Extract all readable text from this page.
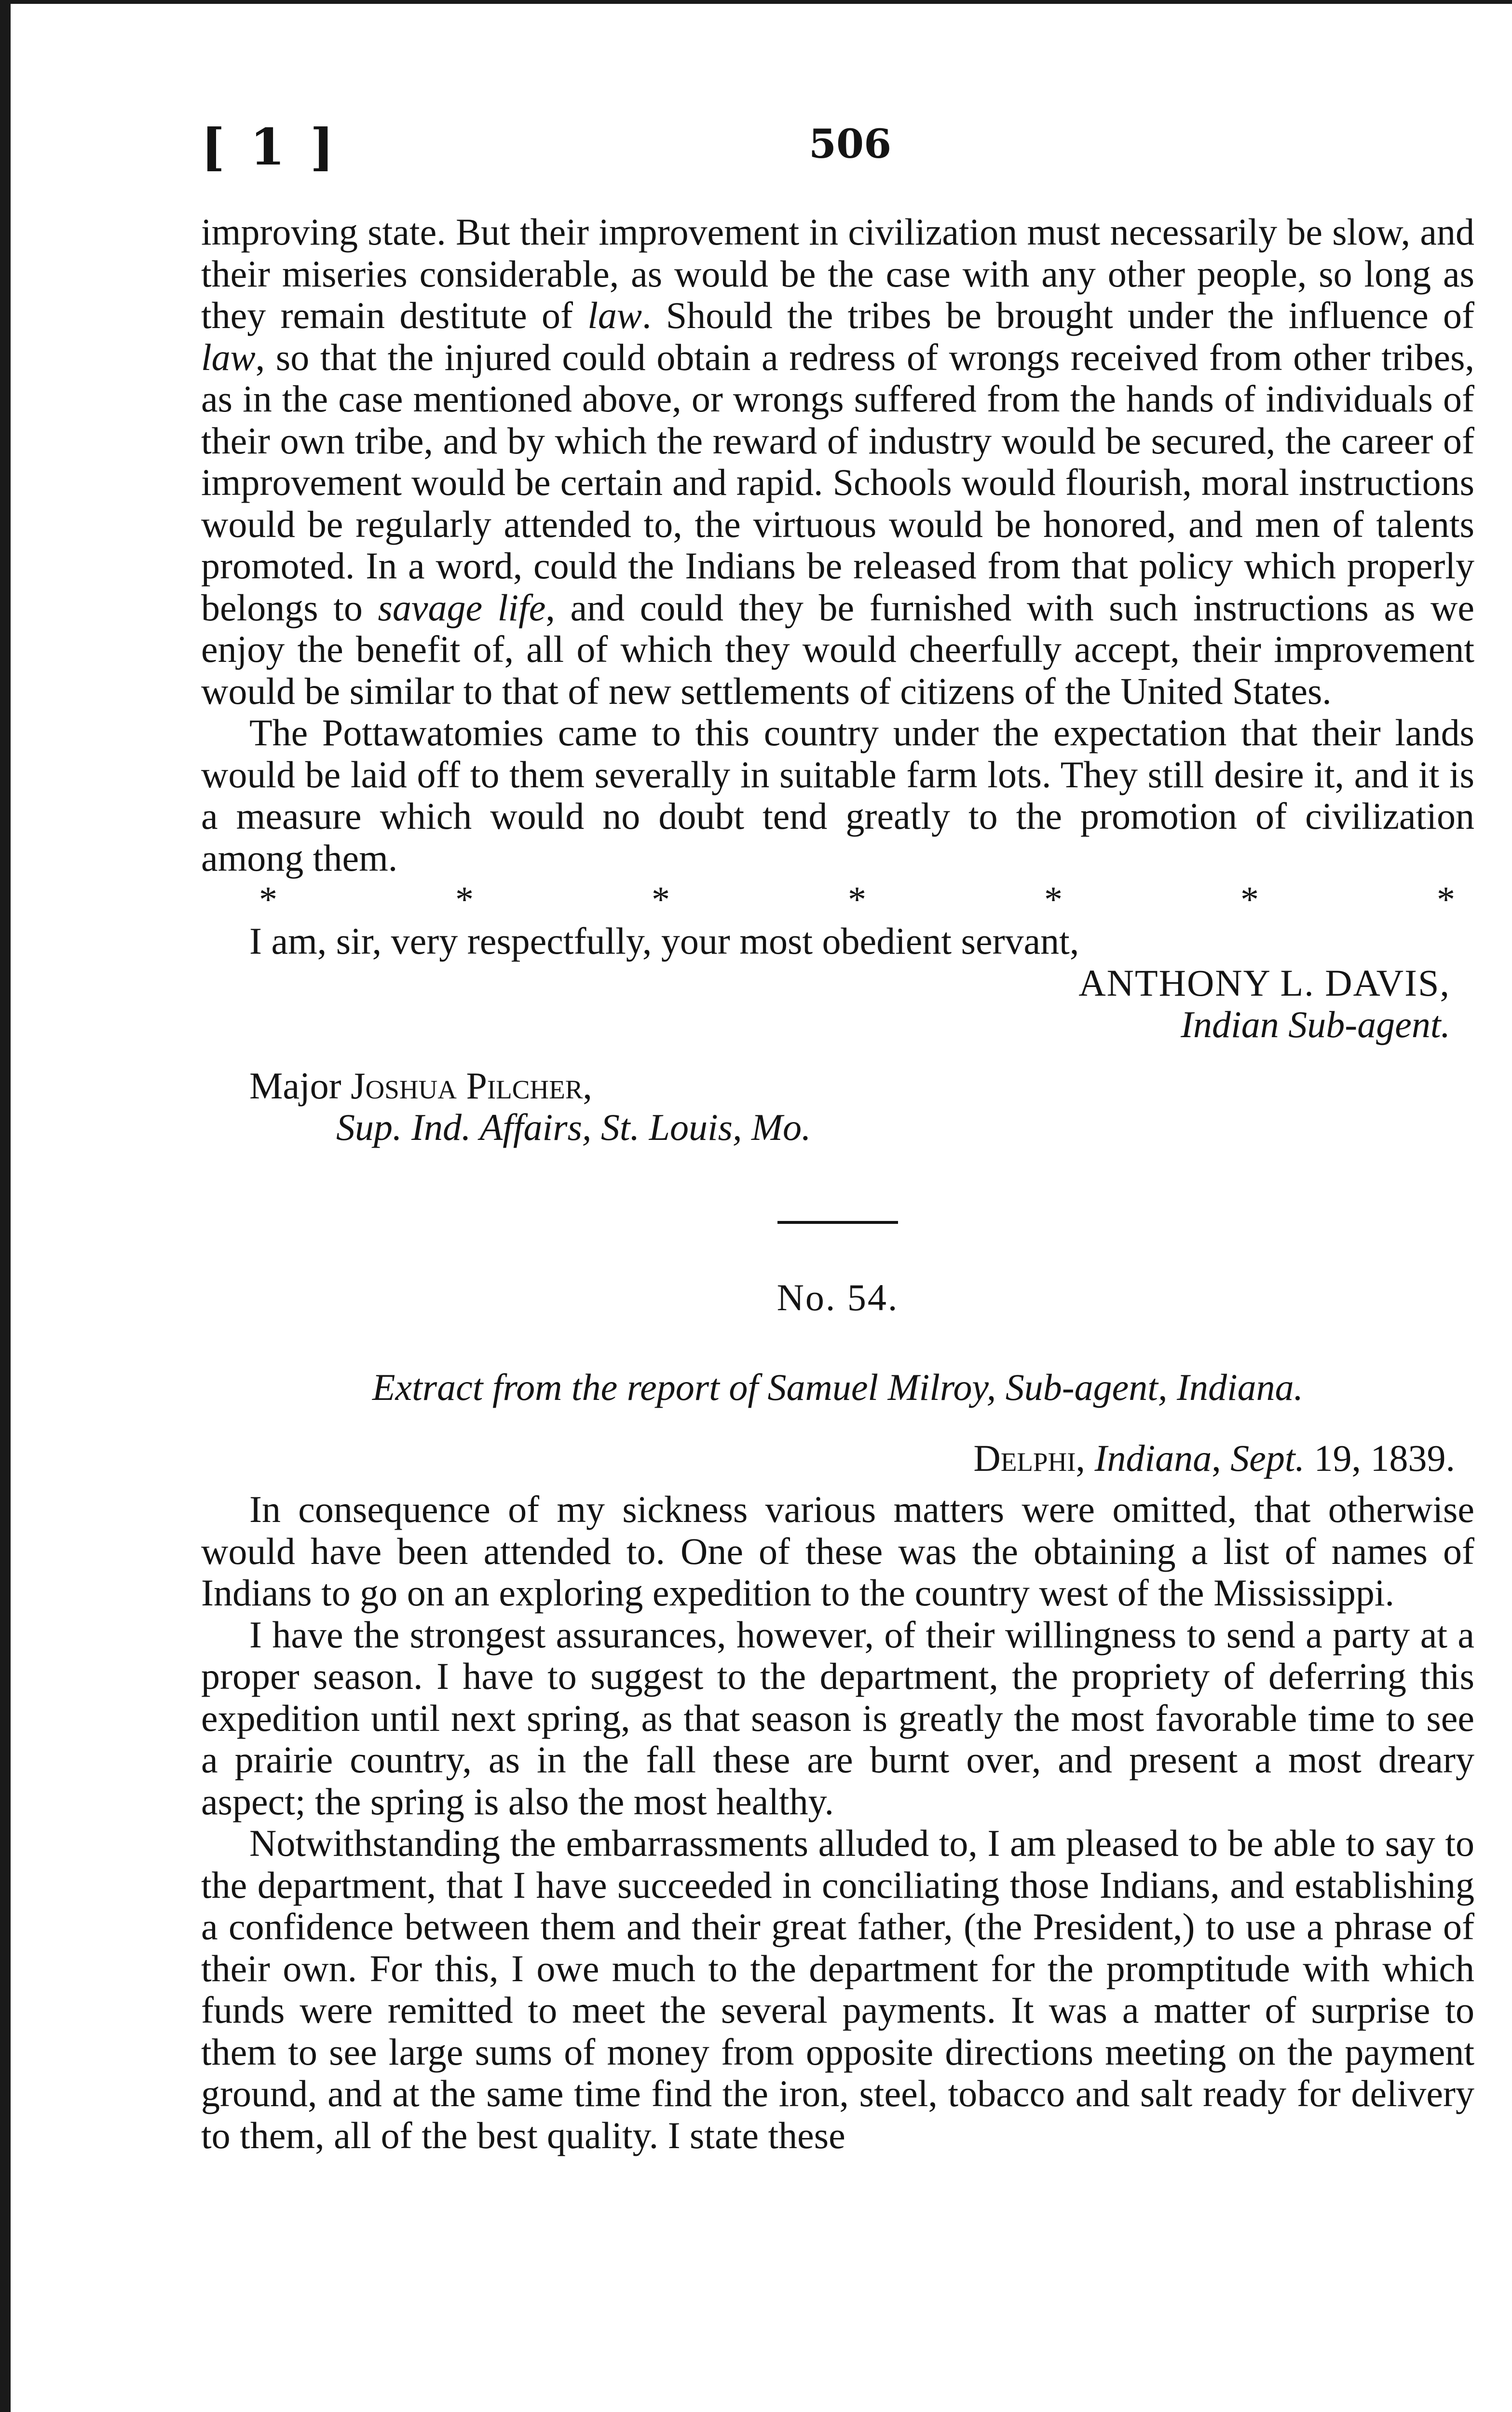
[ 1 ]	506

improving state. But their improvement in civilization must necessarily be slow, and their miseries considerable, as would be the case with any other people, so long as they remain destitute of law. Should the tribes be brought under the influence of law, so that the injured could obtain a redress of wrongs received from other tribes, as in the case mentioned above, or wrongs suffered from the hands of individuals of their own tribe, and by which the reward of industry would be secured, the career of improvement would be certain and rapid. Schools would flourish, moral instructions would be regularly attended to, the virtuous would be honored, and men of talents promoted. In a word, could the Indians be released from that policy which properly belongs to savage life, and could they be furnished with such instructions as we enjoy the benefit of, all of which they would cheerfully accept, their improvement would be similar to that of new settlements of citizens of the United States.

The Pottawatomies came to this country under the expectation that their lands would be laid off to them severally in suitable farm lots. They still desire it, and it is a measure which would no doubt tend greatly to the promotion of civilization among them.

*	*	*	*	*	*	*

I am, sir, very respectfully, your most obedient servant,

ANTHONY L. DAVIS,
Indian Sub-agent.
Major Joshua Pilcher,
Sup. Ind. Affairs, St. Louis, Mo.
No. 54.
Extract from the report of Samuel Milroy, Sub-agent, Indiana.
Delphi, Indiana, Sept. 19, 1839.

In consequence of my sickness various matters were omitted, that otherwise would have been attended to. One of these was the obtaining a list of names of Indians to go on an exploring expedition to the country west of the Mississippi.

I have the strongest assurances, however, of their willingness to send a party at a proper season. I have to suggest to the department, the propriety of deferring this expedition until next spring, as that season is greatly the most favorable time to see a prairie country, as in the fall these are burnt over, and present a most dreary aspect; the spring is also the most healthy.

Notwithstanding the embarrassments alluded to, I am pleased to be able to say to the department, that I have succeeded in conciliating those Indians, and establishing a confidence between them and their great father, (the President,) to use a phrase of their own. For this, I owe much to the department for the promptitude with which funds were remitted to meet the several payments. It was a matter of surprise to them to see large sums of money from opposite directions meeting on the payment ground, and at the same time find the iron, steel, tobacco and salt ready for delivery to them, all of the best quality. I state these
